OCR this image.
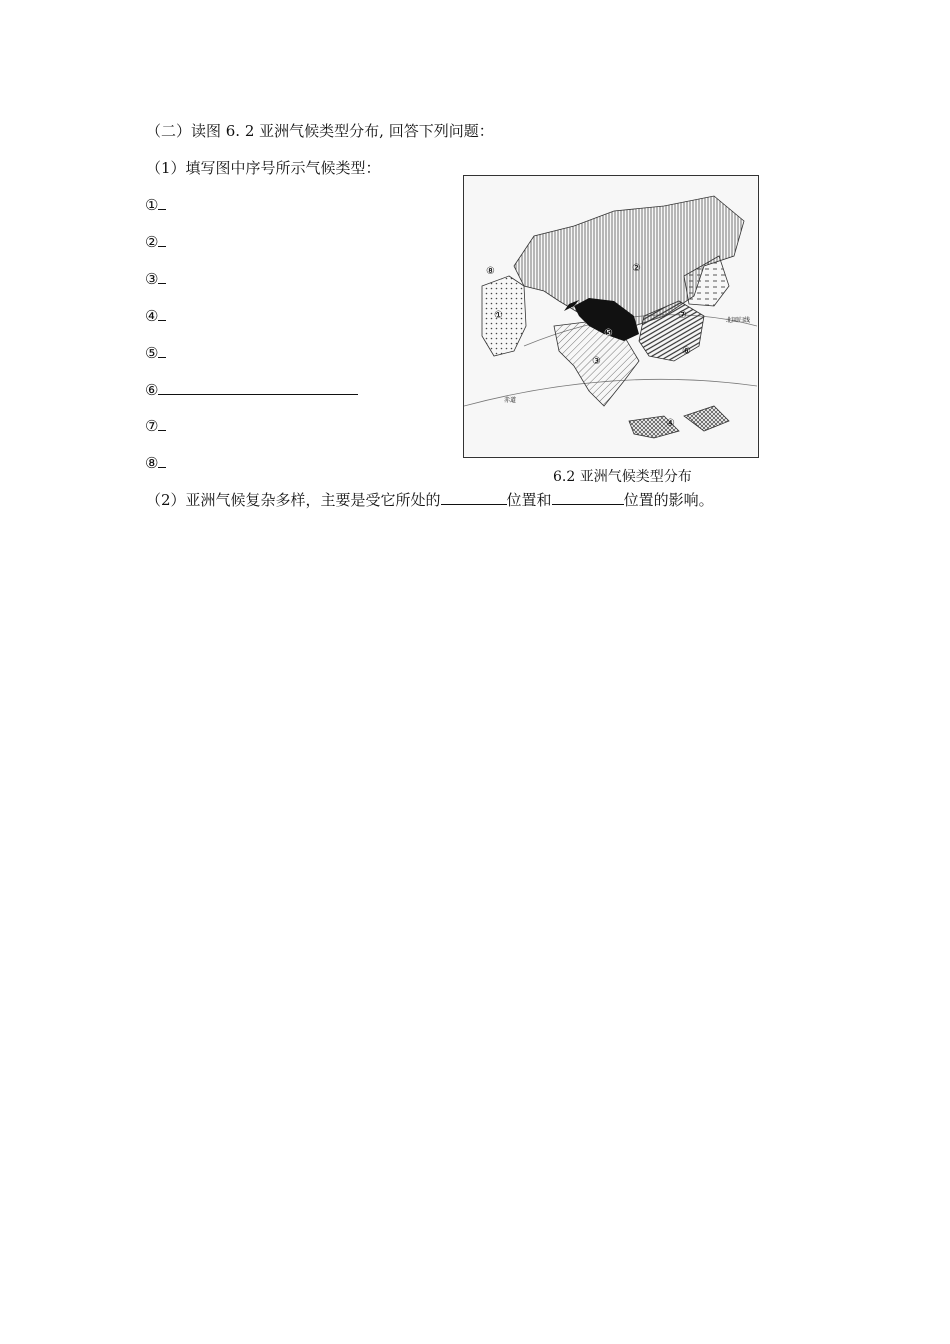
（二）读图 6. 2 亚洲气候类型分布, 回答下列问题：
（1）填写图中序号所示气候类型：
①
②
③
④
⑤
⑥
⑦
⑧
①
②
③
④
⑤
⑥
⑦
⑧
赤道
北回归线
6.2 亚洲气候类型分布
（2）亚洲气候复杂多样，主要是受它所处的	位置和	位置的影响。
